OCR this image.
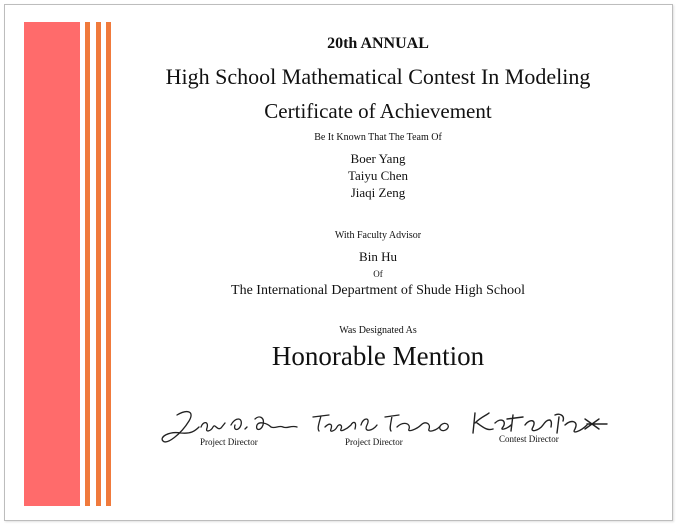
20th ANNUAL
High School Mathematical Contest In Modeling
Certificate of Achievement
Be It Known That The Team Of
Boer Yang
Taiyu Chen
Jiaqi Zeng
With Faculty Advisor
Bin Hu
Of
The International Department of Shude High School
Was Designated As
Honorable Mention
Project Director	Project Director	Contest Director
